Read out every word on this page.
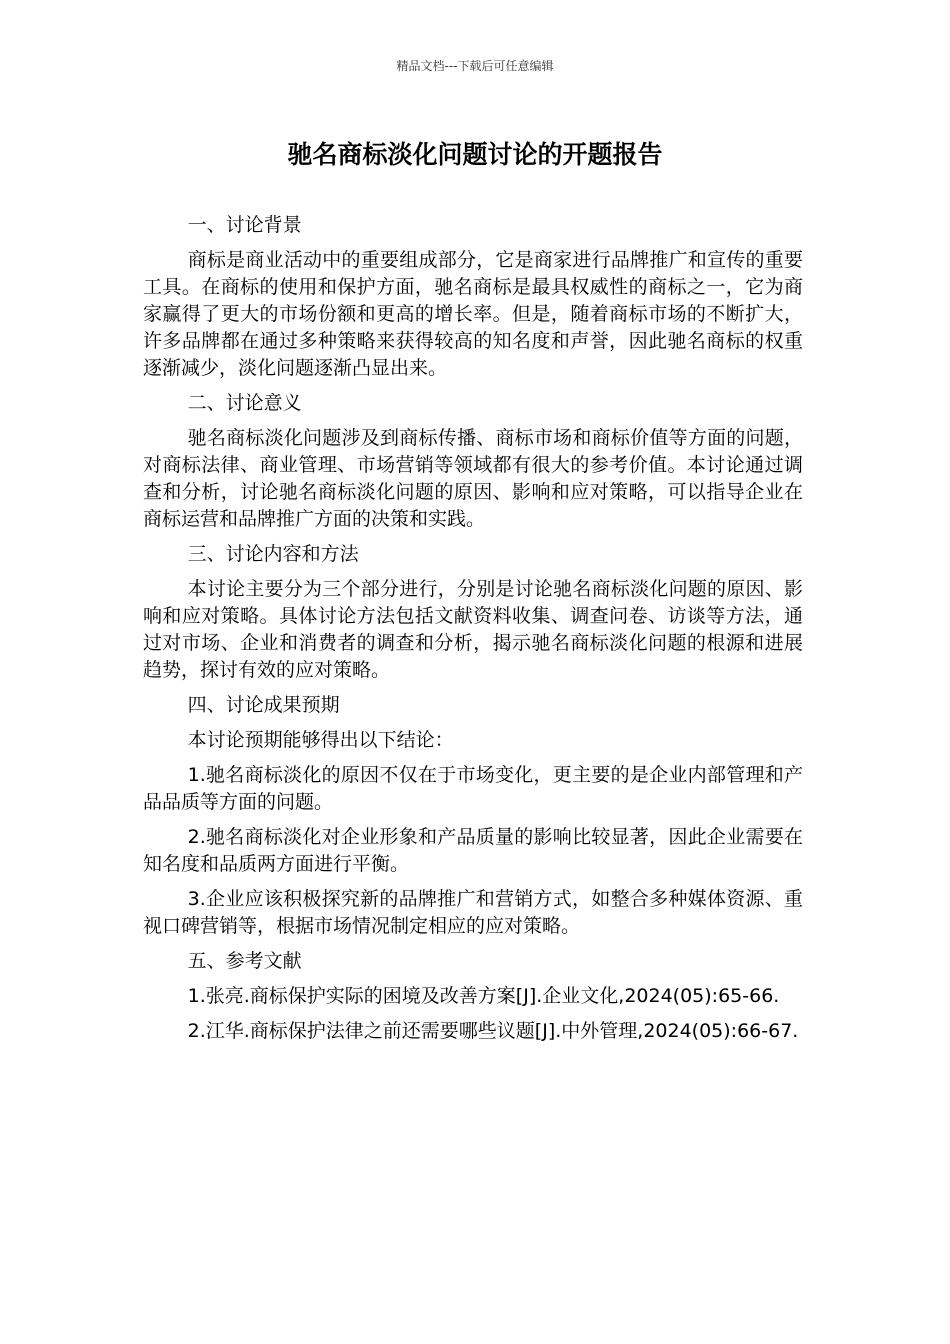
精品文档---下载后可任意编辑
驰名商标淡化问题讨论的开题报告

一、讨论背景

商标是商业活动中的重要组成部分，它是商家进行品牌推广和宣传的重要工具。在商标的使用和保护方面，驰名商标是最具权威性的商标之一，它为商家赢得了更大的市场份额和更高的增长率。但是，随着商标市场的不断扩大，许多品牌都在通过多种策略来获得较高的知名度和声誉，因此驰名商标的权重逐渐减少，淡化问题逐渐凸显出来。

二、讨论意义

驰名商标淡化问题涉及到商标传播、商标市场和商标价值等方面的问题，对商标法律、商业管理、市场营销等领域都有很大的参考价值。本讨论通过调查和分析，讨论驰名商标淡化问题的原因、影响和应对策略，可以指导企业在商标运营和品牌推广方面的决策和实践。

三、讨论内容和方法

本讨论主要分为三个部分进行，分别是讨论驰名商标淡化问题的原因、影响和应对策略。具体讨论方法包括文献资料收集、调查问卷、访谈等方法，通过对市场、企业和消费者的调查和分析，揭示驰名商标淡化问题的根源和进展趋势，探讨有效的应对策略。

四、讨论成果预期

本讨论预期能够得出以下结论：

1.驰名商标淡化的原因不仅在于市场变化，更主要的是企业内部管理和产品品质等方面的问题。

2.驰名商标淡化对企业形象和产品质量的影响比较显著，因此企业需要在知名度和品质两方面进行平衡。

3.企业应该积极探究新的品牌推广和营销方式，如整合多种媒体资源、重视口碑营销等，根据市场情况制定相应的应对策略。

五、参考文献

1.张亮.商标保护实际的困境及改善方案[J].企业文化,2024(05):65-66.

2.江华.商标保护法律之前还需要哪些议题[J].中外管理,2024(05):66-67.
